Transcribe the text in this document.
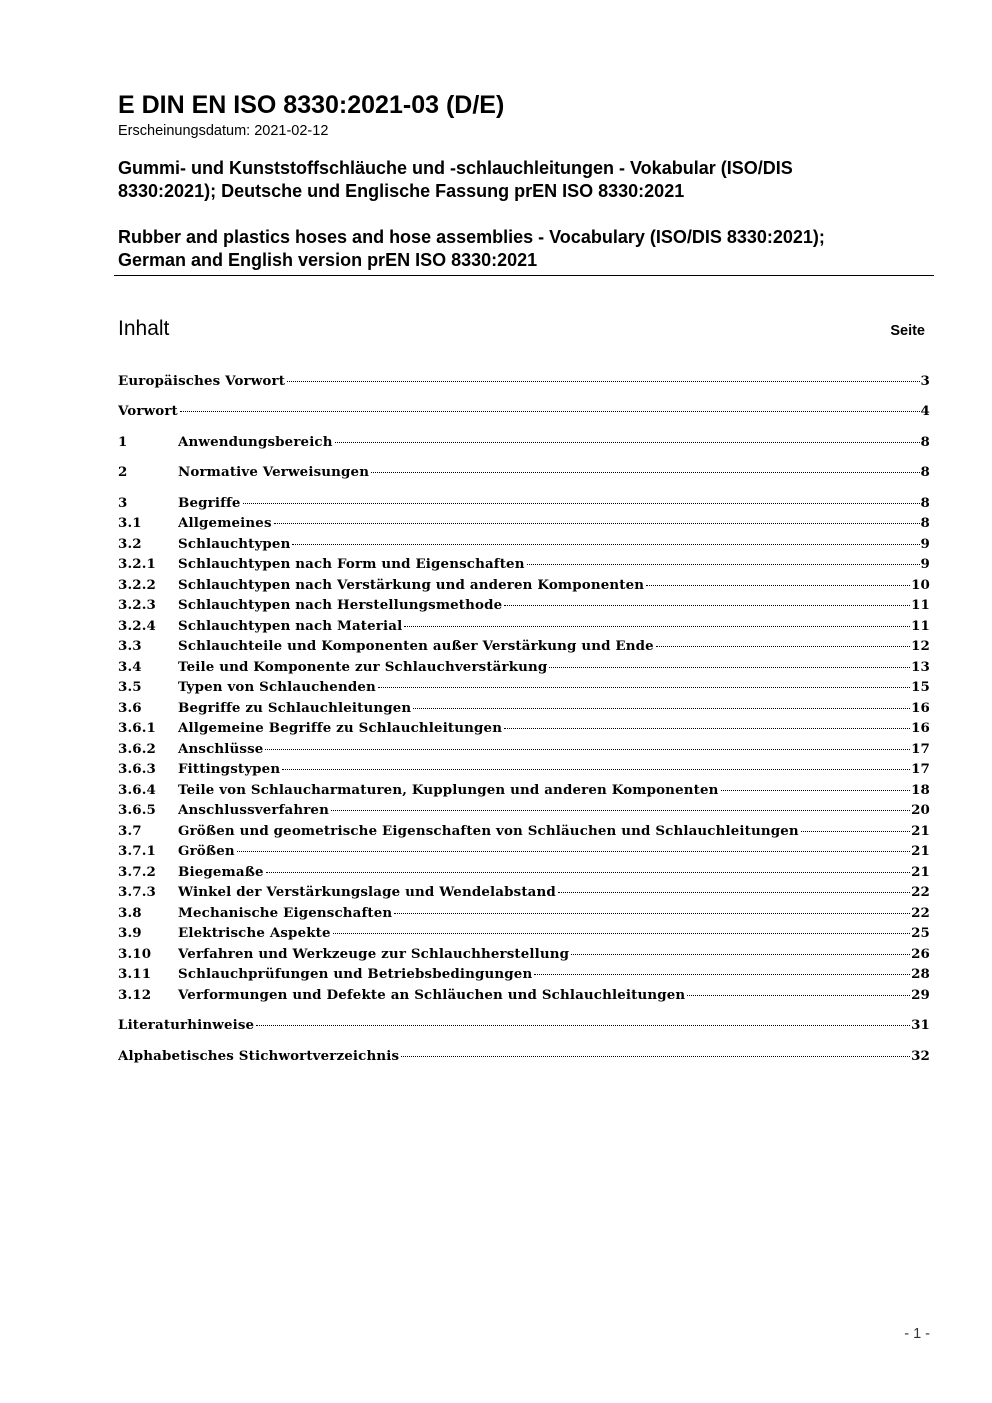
E DIN EN ISO 8330:2021-03 (D/E)
Erscheinungsdatum: 2021-02-12
Gummi- und Kunststoffschläuche und -schlauchleitungen - Vokabular (ISO/DIS
8330:2021); Deutsche und Englische Fassung prEN ISO 8330:2021
Rubber and plastics hoses and hose assemblies - Vocabulary (ISO/DIS 8330:2021);
German and English version prEN ISO 8330:2021
Inhalt	Seite
Europäisches Vorwort	3
Vorwort	4
1	Anwendungsbereich	8
2	Normative Verweisungen	8
3	Begriffe	8
3.1	Allgemeines	8
3.2	Schlauchtypen	9
3.2.1	Schlauchtypen nach Form und Eigenschaften	9
3.2.2	Schlauchtypen nach Verstärkung und anderen Komponenten	10
3.2.3	Schlauchtypen nach Herstellungsmethode	11
3.2.4	Schlauchtypen nach Material	11
3.3	Schlauchteile und Komponenten außer Verstärkung und Ende	12
3.4	Teile und Komponente zur Schlauchverstärkung	13
3.5	Typen von Schlauchenden	15
3.6	Begriffe zu Schlauchleitungen	16
3.6.1	Allgemeine Begriffe zu Schlauchleitungen	16
3.6.2	Anschlüsse	17
3.6.3	Fittingstypen	17
3.6.4	Teile von Schlaucharmaturen, Kupplungen und anderen Komponenten	18
3.6.5	Anschlussverfahren	20
3.7	Größen und geometrische Eigenschaften von Schläuchen und Schlauchleitungen	21
3.7.1	Größen	21
3.7.2	Biegemaße	21
3.7.3	Winkel der Verstärkungslage und Wendelabstand	22
3.8	Mechanische Eigenschaften	22
3.9	Elektrische Aspekte	25
3.10	Verfahren und Werkzeuge zur Schlauchherstellung	26
3.11	Schlauchprüfungen und Betriebsbedingungen	28
3.12	Verformungen und Defekte an Schläuchen und Schlauchleitungen	29
Literaturhinweise	31
Alphabetisches Stichwortverzeichnis	32
- 1 -
